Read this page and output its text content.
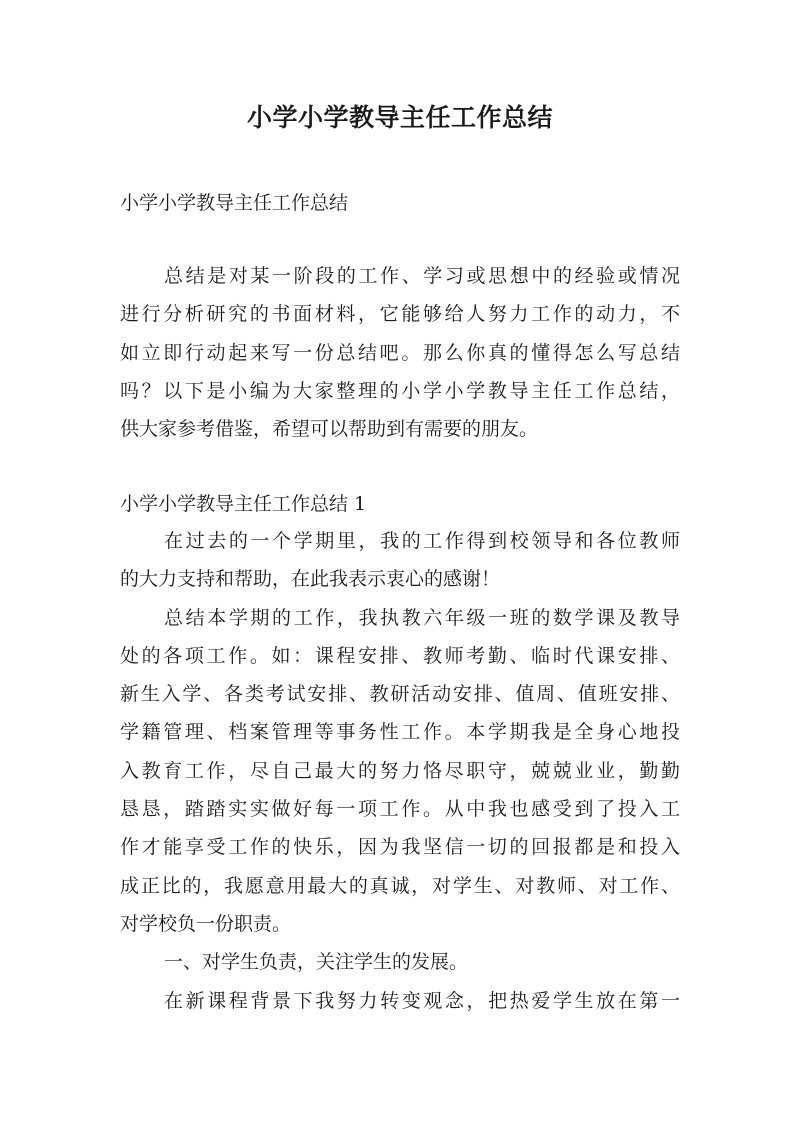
小学小学教导主任工作总结

小学小学教导主任工作总结

总结是对某一阶段的工作、学习或思想中的经验或情况
进行分析研究的书面材料，它能够给人努力工作的动力，不
如立即行动起来写一份总结吧。那么你真的懂得怎么写总结
吗？以下是小编为大家整理的小学小学教导主任工作总结，
供大家参考借鉴，希望可以帮助到有需要的朋友。

小学小学教导主任工作总结 1

在过去的一个学期里，我的工作得到校领导和各位教师
的大力支持和帮助，在此我表示衷心的感谢！
总结本学期的工作，我执教六年级一班的数学课及教导
处的各项工作。如：课程安排、教师考勤、临时代课安排、
新生入学、各类考试安排、教研活动安排、值周、值班安排、
学籍管理、档案管理等事务性工作。本学期我是全身心地投
入教育工作，尽自己最大的努力恪尽职守，兢兢业业，勤勤
恳恳，踏踏实实做好每一项工作。从中我也感受到了投入工
作才能享受工作的快乐，因为我坚信一切的回报都是和投入
成正比的，我愿意用最大的真诚，对学生、对教师、对工作、
对学校负一份职责。
一、对学生负责，关注学生的发展。
在新课程背景下我努力转变观念，把热爱学生放在第一
